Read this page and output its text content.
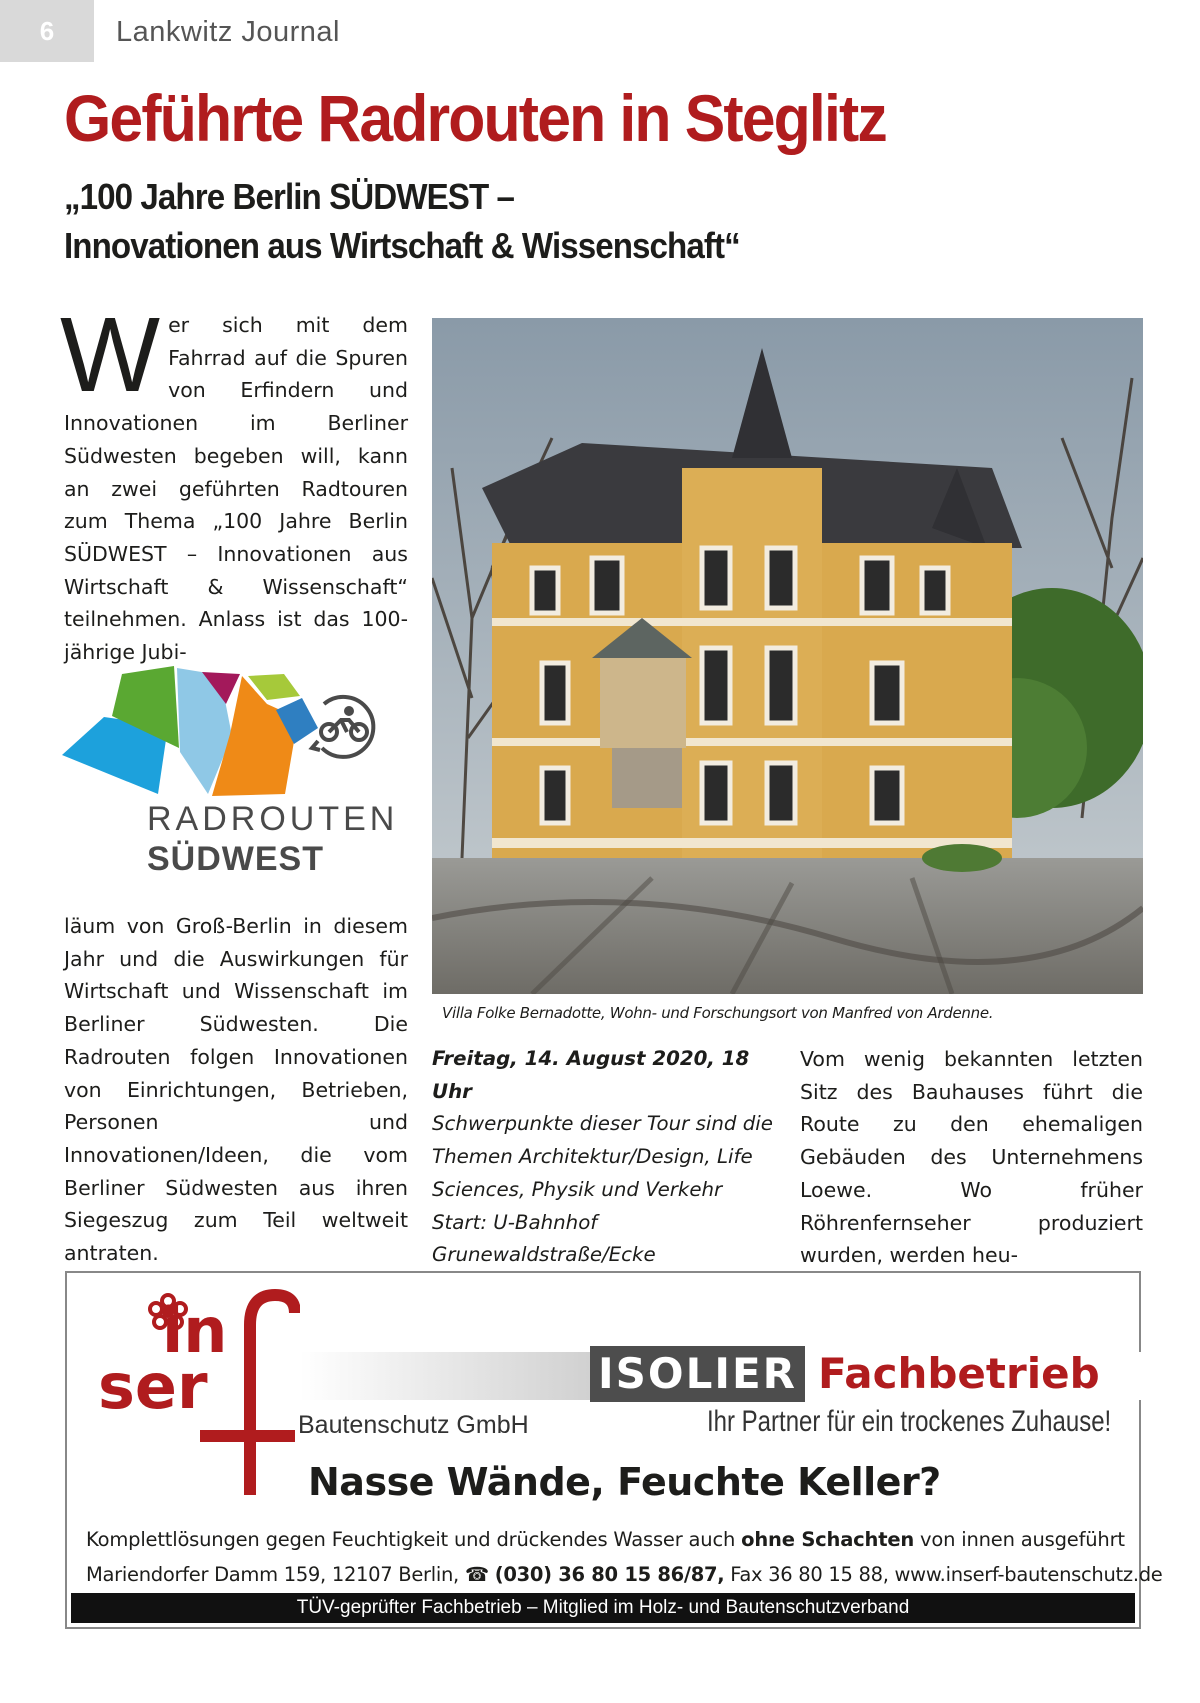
6	Lankwitz Journal
Geführte Radrouten in Steglitz
„100 Jahre Berlin SÜDWEST –
Innovationen aus Wirtschaft & Wissenschaft“
W er sich mit dem Fahrrad auf die Spuren von Erfindern und Innovationen im Berliner Südwesten begeben will, kann an zwei geführten Radtouren zum Thema „100 Jahre Berlin SÜDWEST – Innovationen aus Wirtschaft & Wissenschaft“ teilnehmen. Anlass ist das 100-jährige Jubi-
RADROUTEN
SÜDWEST
läum von Groß-Berlin in diesem Jahr und die Auswirkungen für Wirtschaft und Wissenschaft im Berliner Südwesten. Die Radrouten folgen Innovationen von Einrichtungen, Betrieben, Personen und Innovationen/Ideen, die vom Berliner Südwesten aus ihren Siegeszug zum Teil weltweit antraten.
Villa Folke Bernadotte, Wohn- und Forschungsort von Manfred von Ardenne.
Freitag, 14. August 2020, 18 Uhr
Schwerpunkte dieser Tour sind die Themen Architektur/Design, Life Sciences, Physik und Verkehr Start: U-Bahnhof Grunewaldstraße/Ecke
Vom wenig bekannten letzten Sitz des Bauhauses führt die Route zu den ehemaligen Gebäuden des Unternehmens Loewe. Wo früher Röhrenfernseher produziert wurden, werden heu-
in
ser	ISOLIER Fachbetrieb
Bautenschutz GmbH	Ihr Partner für ein trockenes Zuhause!
Nasse Wände, Feuchte Keller?
Komplettlösungen gegen Feuchtigkeit und drückendes Wasser auch ohne Schachten von innen ausgeführt
Mariendorfer Damm 159, 12107 Berlin, ☎ (030) 36 80 15 86/87, Fax 36 80 15 88, www.inserf-bautenschutz.de
TÜV-geprüfter Fachbetrieb – Mitglied im Holz- und Bautenschutzverband
